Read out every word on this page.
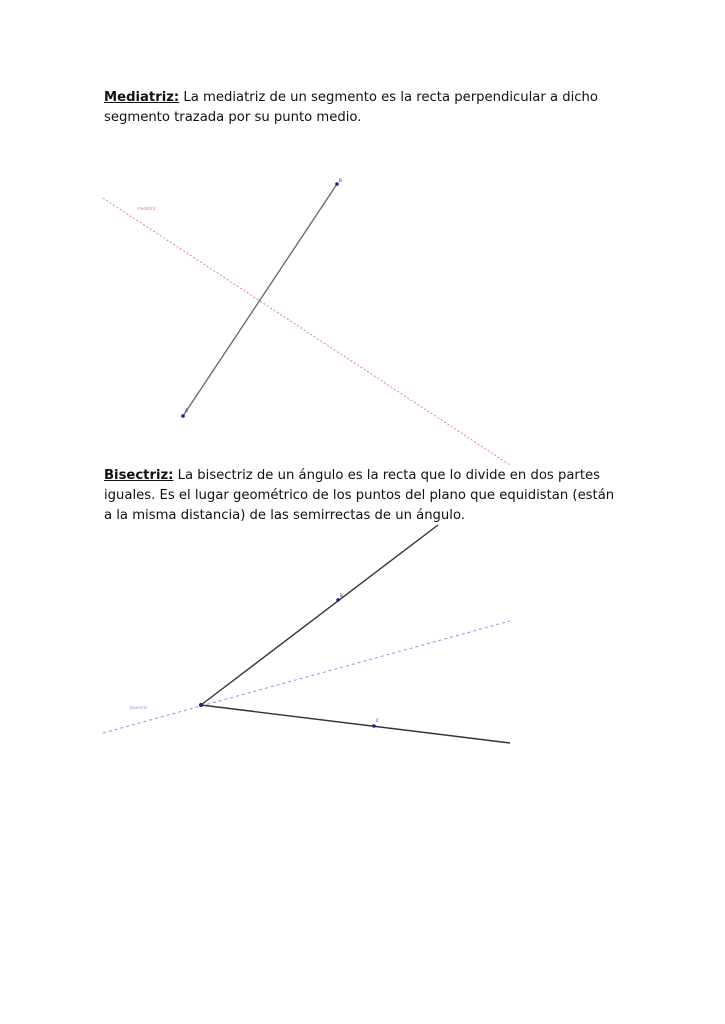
Mediatriz: La mediatriz de un segmento es la recta perpendicular a dicho segmento trazada por su punto medio.

mediatriz
B
A

Bisectriz: La bisectriz de un ángulo es la recta que lo divide en dos partes iguales. Es el lugar geométrico de los puntos del plano que equidistan (están a la misma distancia) de las semirrectas de un ángulo.

bisectriz
B
C
